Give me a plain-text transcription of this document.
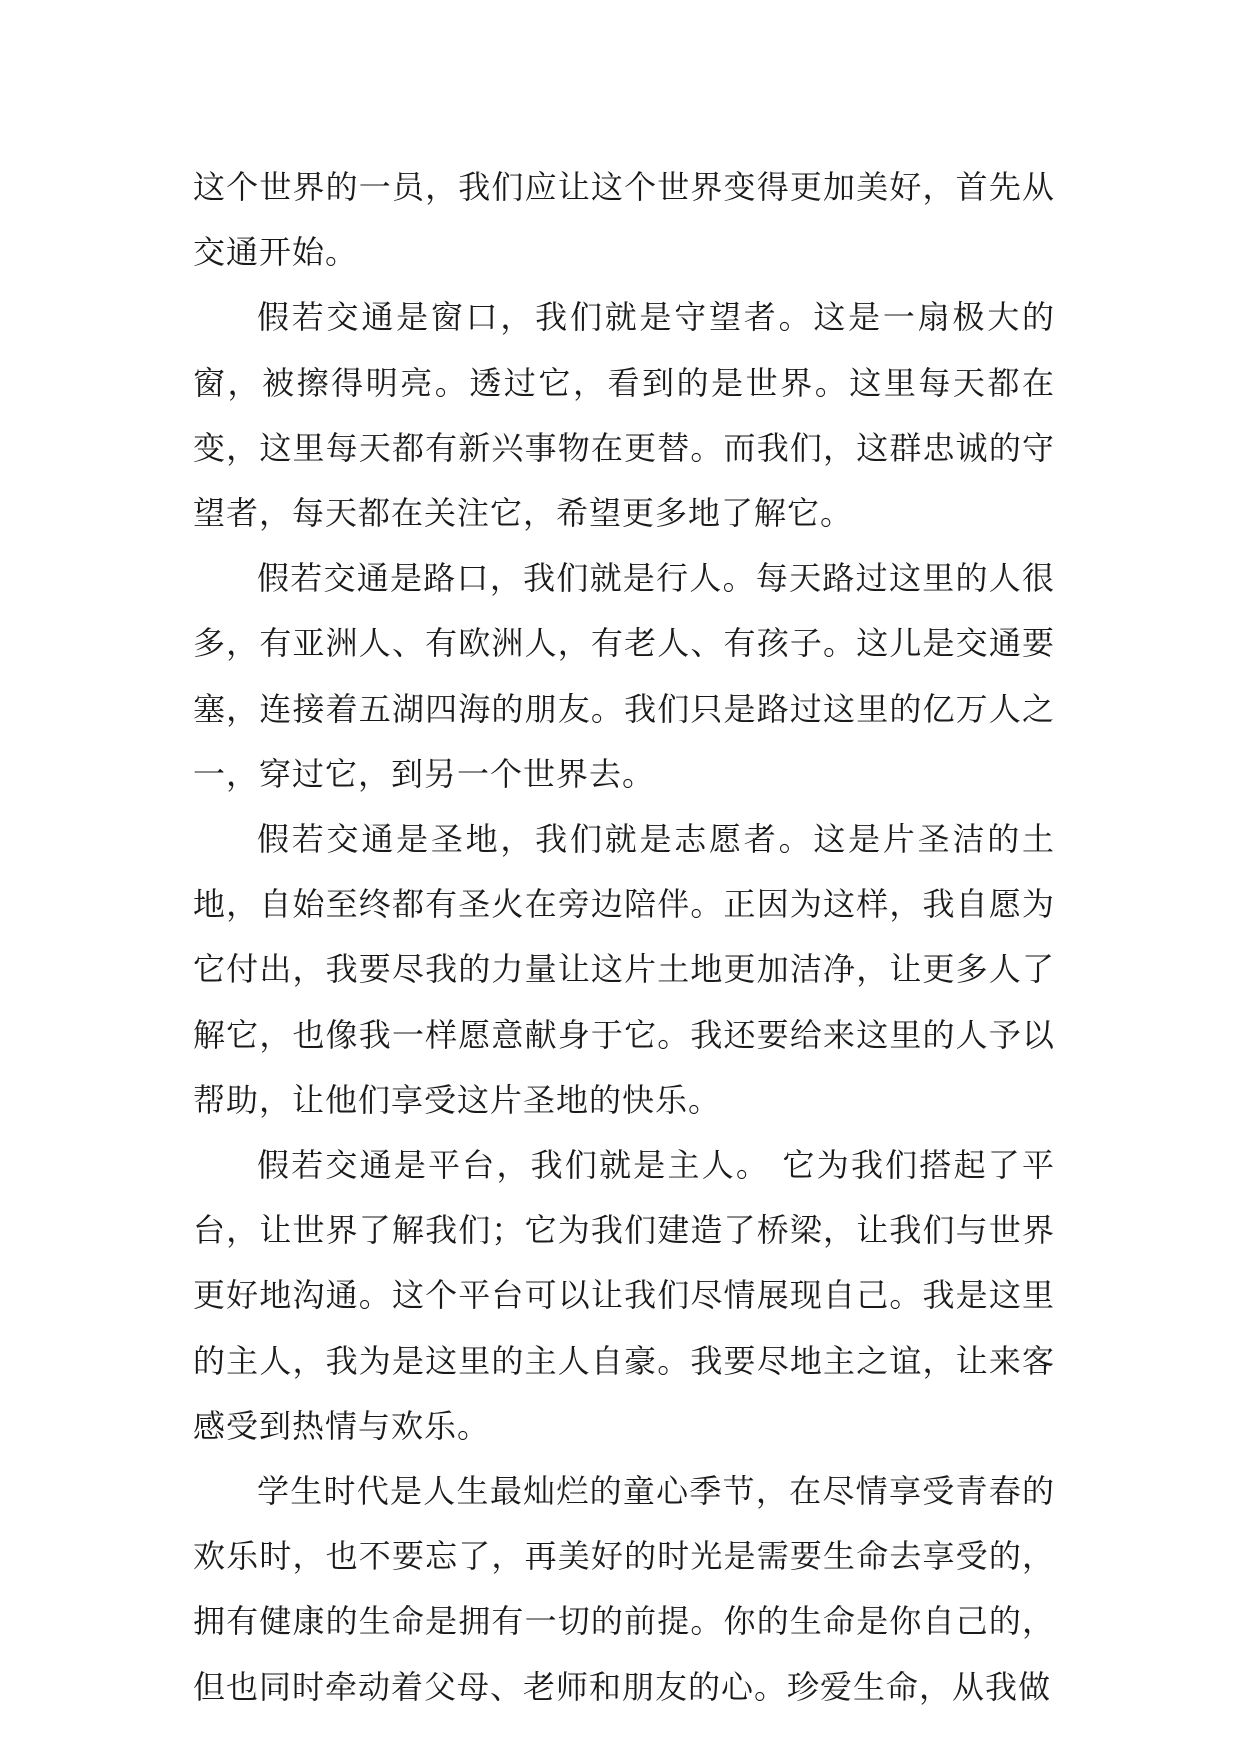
这个世界的一员，我们应让这个世界变得更加美好，首先从交通开始。

假若交通是窗口，我们就是守望者。这是一扇极大的窗，被擦得明亮。透过它，看到的是世界。这里每天都在变，这里每天都有新兴事物在更替。而我们，这群忠诚的守望者，每天都在关注它，希望更多地了解它。

假若交通是路口，我们就是行人。每天路过这里的人很多，有亚洲人、有欧洲人，有老人、有孩子。这儿是交通要塞，连接着五湖四海的朋友。我们只是路过这里的亿万人之一，穿过它，到另一个世界去。

假若交通是圣地，我们就是志愿者。这是片圣洁的土地，自始至终都有圣火在旁边陪伴。正因为这样，我自愿为它付出，我要尽我的力量让这片土地更加洁净，让更多人了解它，也像我一样愿意献身于它。我还要给来这里的人予以帮助，让他们享受这片圣地的快乐。

假若交通是平台，我们就是主人。 它为我们搭起了平台，让世界了解我们；它为我们建造了桥梁，让我们与世界更好地沟通。这个平台可以让我们尽情展现自己。我是这里的主人，我为是这里的主人自豪。我要尽地主之谊，让来客感受到热情与欢乐。

学生时代是人生最灿烂的童心季节，在尽情享受青春的欢乐时，也不要忘了，再美好的时光是需要生命去享受的，拥有健康的生命是拥有一切的前提。你的生命是你自己的，但也同时牵动着父母、老师和朋友的心。珍爱生命，从我做
